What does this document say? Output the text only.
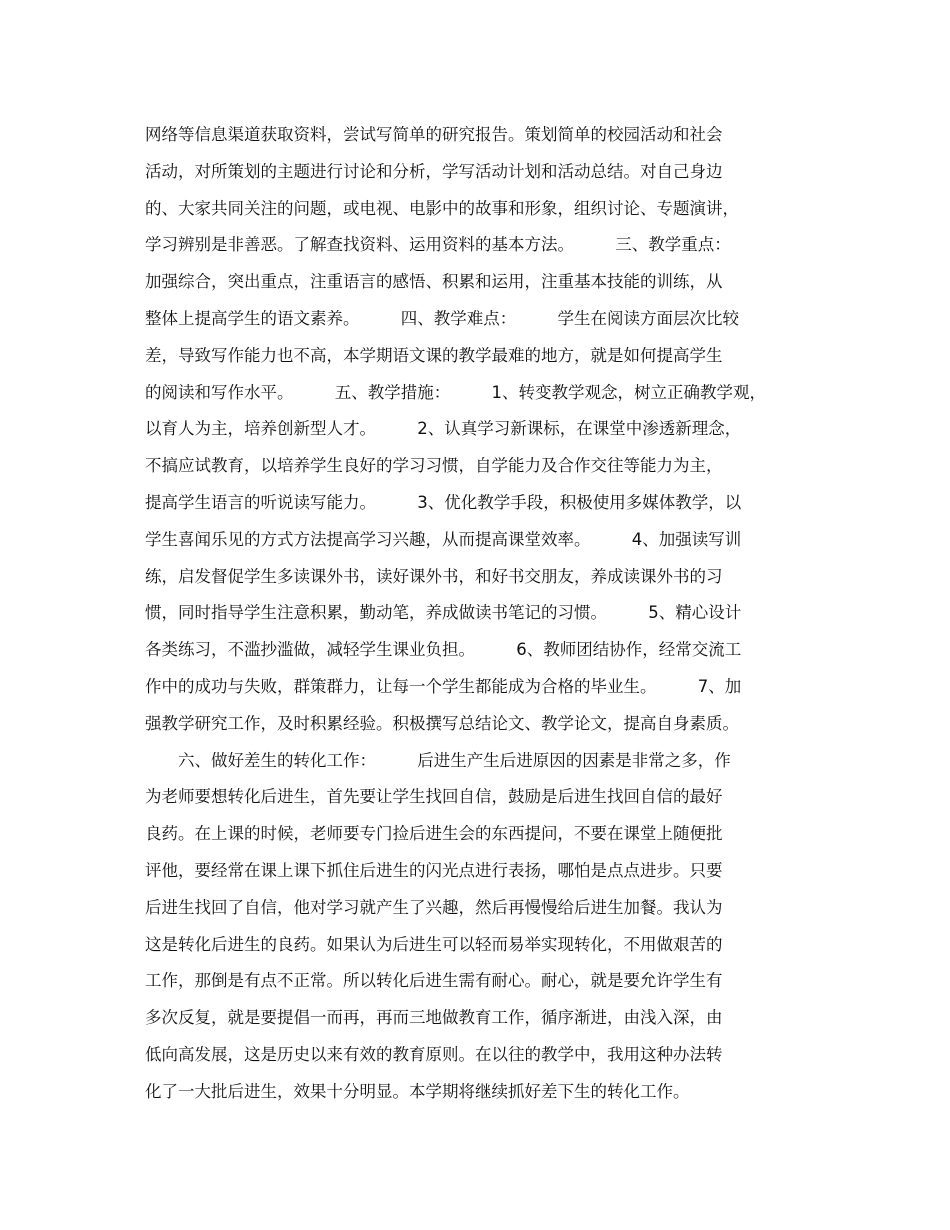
网络等信息渠道获取资料，尝试写简单的研究报告。策划简单的校园活动和社会
活动，对所策划的主题进行讨论和分析，学写活动计划和活动总结。对自己身边
的、大家共同关注的问题，或电视、电影中的故事和形象，组织讨论、专题演讲，
学习辨别是非善恶。了解查找资料、运用资料的基本方法。　　　三、教学重点：
加强综合，突出重点，注重语言的感悟、积累和运用，注重基本技能的训练，从
整体上提高学生的语文素养。　　　四、教学难点：　　　学生在阅读方面层次比较
差，导致写作能力也不高，本学期语文课的教学最难的地方，就是如何提高学生
的阅读和写作水平。　　　五、教学措施：　　　1、转变教学观念，树立正确教学观，
以育人为主，培养创新型人才。　　　2、认真学习新课标，在课堂中渗透新理念，
不搞应试教育，以培养学生良好的学习习惯，自学能力及合作交往等能力为主，
提高学生语言的听说读写能力。　　　3、优化教学手段，积极使用多媒体教学，以
学生喜闻乐见的方式方法提高学习兴趣，从而提高课堂效率。　　　4、加强读写训
练，启发督促学生多读课外书，读好课外书，和好书交朋友，养成读课外书的习
惯，同时指导学生注意积累，勤动笔，养成做读书笔记的习惯。　　　5、精心设计
各类练习，不滥抄滥做，减轻学生课业负担。　　　6、教师团结协作，经常交流工
作中的成功与失败，群策群力，让每一个学生都能成为合格的毕业生。　　　7、加
强教学研究工作，及时积累经验。积极撰写总结论文、教学论文，提高自身素质。
　　六、做好差生的转化工作：　　　后进生产生后进原因的因素是非常之多，作
为老师要想转化后进生，首先要让学生找回自信，鼓励是后进生找回自信的最好
良药。在上课的时候，老师要专门捡后进生会的东西提问，不要在课堂上随便批
评他，要经常在课上课下抓住后进生的闪光点进行表扬，哪怕是点点进步。只要
后进生找回了自信，他对学习就产生了兴趣，然后再慢慢给后进生加餐。我认为
这是转化后进生的良药。如果认为后进生可以轻而易举实现转化，不用做艰苦的
工作，那倒是有点不正常。所以转化后进生需有耐心。耐心，就是要允许学生有
多次反复，就是要提倡一而再，再而三地做教育工作，循序渐进，由浅入深，由
低向高发展，这是历史以来有效的教育原则。在以往的教学中，我用这种办法转
化了一大批后进生，效果十分明显。本学期将继续抓好差下生的转化工作。
